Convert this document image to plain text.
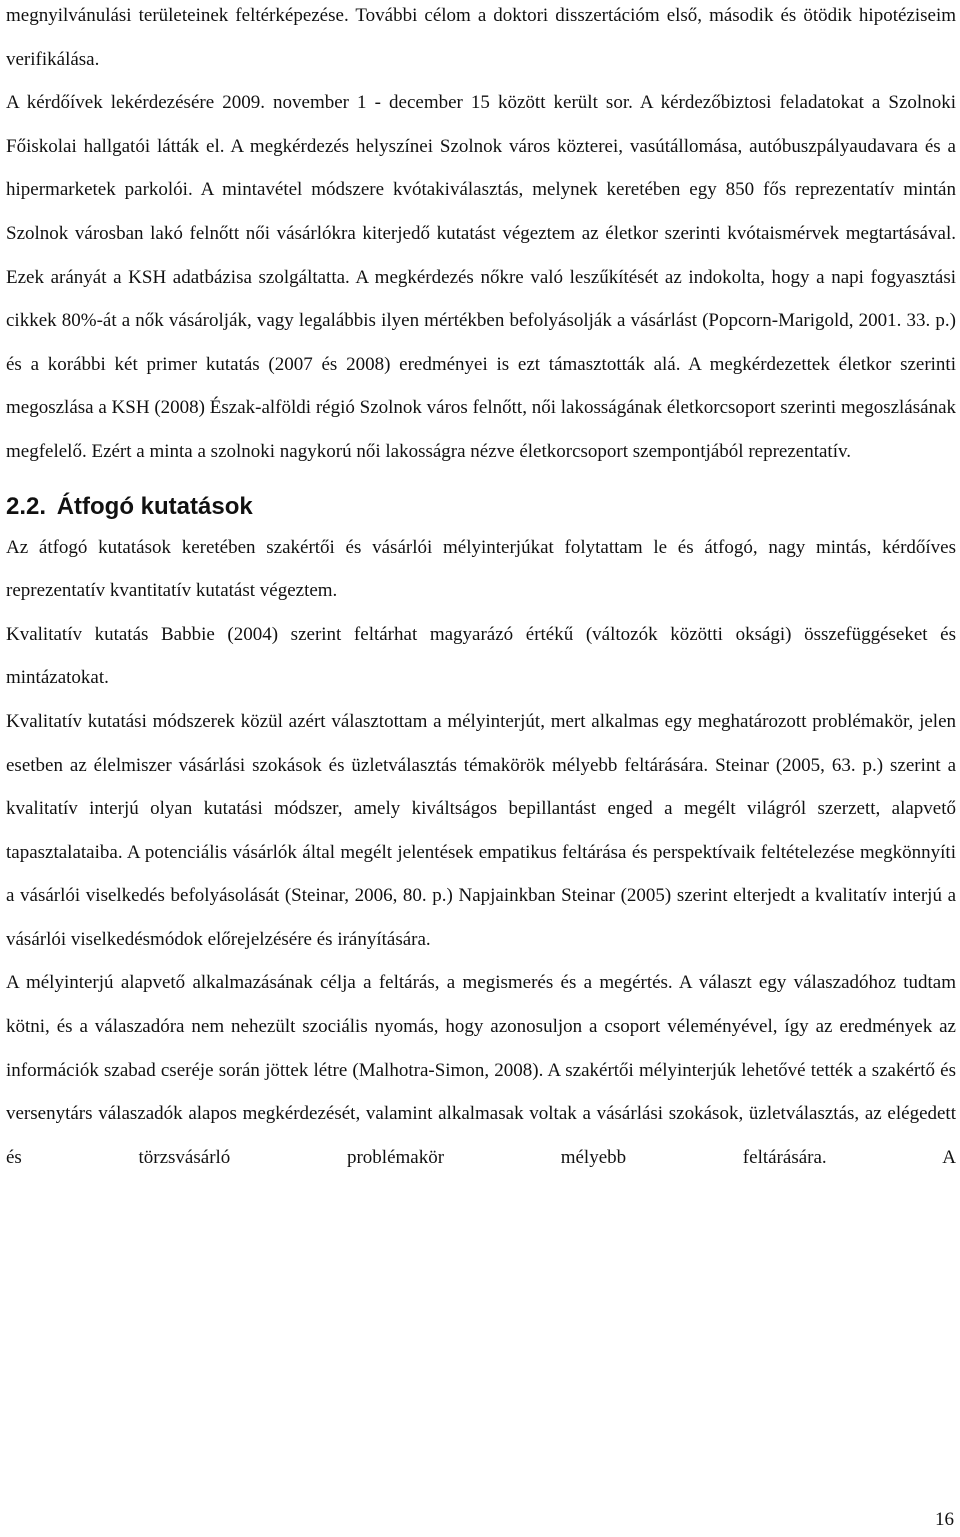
megnyilvánulási területeinek feltérképezése. További célom a doktori disszertációm első, második és ötödik hipotéziseim verifikálása.

A kérdőívek lekérdezésére 2009. november 1 - december 15 között került sor. A kérdezőbiztosi feladatokat a Szolnoki Főiskolai hallgatói látták el. A megkérdezés helyszínei Szolnok város közterei, vasútállomása, autóbuszpályaudavara és a hipermarketek parkolói. A mintavétel módszere kvótakiválasztás, melynek keretében egy 850 fős reprezentatív mintán Szolnok városban lakó felnőtt női vásárlókra kiterjedő kutatást végeztem az életkor szerinti kvótaismérvek megtartásával. Ezek arányát a KSH adatbázisa szolgáltatta. A megkérdezés nőkre való leszűkítését az indokolta, hogy a napi fogyasztási cikkek 80%-át a nők vásárolják, vagy legalábbis ilyen mértékben befolyásolják a vásárlást (Popcorn-Marigold, 2001. 33. p.) és a korábbi két primer kutatás (2007 és 2008) eredményei is ezt támasztották alá. A megkérdezettek életkor szerinti megoszlása a KSH (2008) Észak-alföldi régió Szolnok város felnőtt, női lakosságának életkorcsoport szerinti megoszlásának megfelelő. Ezért a minta a szolnoki nagykorú női lakosságra nézve életkorcsoport szempontjából reprezentatív.

2.2. Átfogó kutatások

Az átfogó kutatások keretében szakértői és vásárlói mélyinterjúkat folytattam le és átfogó, nagy mintás, kérdőíves reprezentatív kvantitatív kutatást végeztem.

Kvalitatív kutatás Babbie (2004) szerint feltárhat magyarázó értékű (változók közötti oksági) összefüggéseket és mintázatokat.

Kvalitatív kutatási módszerek közül azért választottam a mélyinterjút, mert alkalmas egy meghatározott problémakör, jelen esetben az élelmiszer vásárlási szokások és üzletválasztás témakörök mélyebb feltárására. Steinar (2005, 63. p.) szerint a kvalitatív interjú olyan kutatási módszer, amely kiváltságos bepillantást enged a megélt világról szerzett, alapvető tapasztalataiba. A potenciális vásárlók által megélt jelentések empatikus feltárása és perspektívaik feltételezése megkönnyíti a vásárlói viselkedés befolyásolását (Steinar, 2006, 80. p.) Napjainkban Steinar (2005) szerint elterjedt a kvalitatív interjú a vásárlói viselkedésmódok előrejelzésére és irányítására.

A mélyinterjú alapvető alkalmazásának célja a feltárás, a megismerés és a megértés. A választ egy válaszadóhoz tudtam kötni, és a válaszadóra nem nehezült szociális nyomás, hogy azonosuljon a csoport véleményével, így az eredmények az információk szabad cseréje során jöttek létre (Malhotra-Simon, 2008). A szakértői mélyinterjúk lehetővé tették a szakértő és versenytárs válaszadók alapos megkérdezését, valamint alkalmasak voltak a vásárlási szokások, üzletválasztás, az elégedett és törzsvásárló problémakör mélyebb feltárására. A

16
